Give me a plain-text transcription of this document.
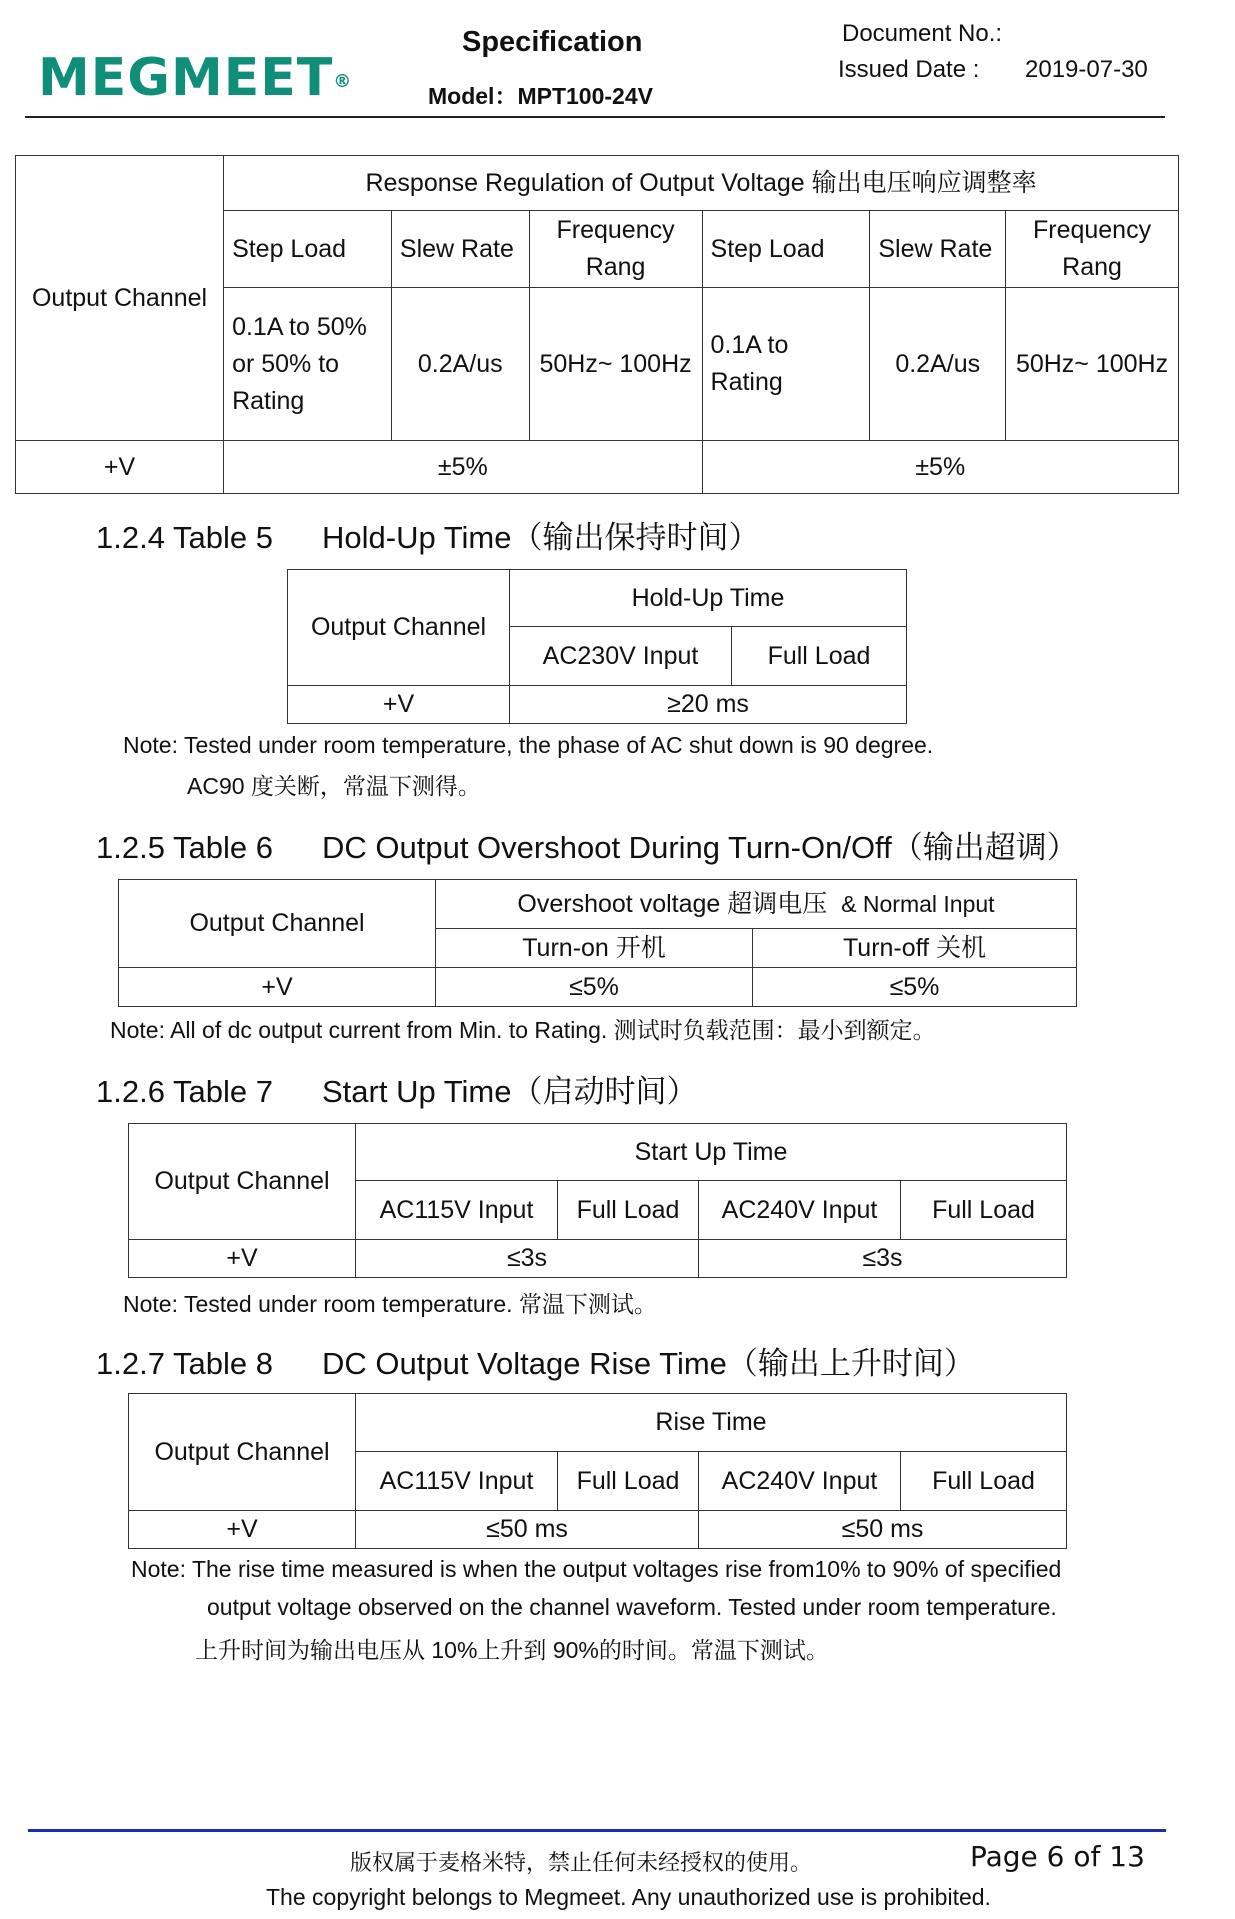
MEGMEET®
Specification
Model：MPT100-24V
Document No.:
Issued Date : 2019-07-30
Output Channel	Response Regulation of Output Voltage 输出电压响应调整率					
	Step Load	Slew Rate	Frequency Rang	Step Load	Slew Rate	Frequency Rang
	0.1A to 50% or 50% to Rating	0.2A/us	50Hz~ 100Hz	0.1A to Rating	0.2A/us	50Hz~ 100Hz
+V	±5%			±5%		
1.2.4 Table 5 Hold-Up Time（输出保持时间）
Output Channel	Hold-Up Time	
	AC230V Input	Full Load
+V	≥20 ms	
Note: Tested under room temperature, the phase of AC shut down is 90 degree.
AC90 度关断，常温下测得。
1.2.5 Table 6 DC Output Overshoot During Turn-On/Off（输出超调）
Output Channel	Overshoot voltage 超调电压 & Normal Input	
	Turn-on 开机	Turn-off 关机
+V	≤5%	≤5%
Note: All of dc output current from Min. to Rating. 测试时负载范围：最小到额定。
1.2.6 Table 7 Start Up Time（启动时间）
Output Channel	Start Up Time			
	AC115V Input	Full Load	AC240V Input	Full Load
+V	≤3s		≤3s	
Note: Tested under room temperature. 常温下测试。
1.2.7 Table 8 DC Output Voltage Rise Time（输出上升时间）
Output Channel	Rise Time			
	AC115V Input	Full Load	AC240V Input	Full Load
+V	≤50 ms		≤50 ms	
Note: The rise time measured is when the output voltages rise from10% to 90% of specified
output voltage observed on the channel waveform. Tested under room temperature.
上升时间为输出电压从 10%上升到 90%的时间。常温下测试。
版权属于麦格米特，禁止任何未经授权的使用。
The copyright belongs to Megmeet. Any unauthorized use is prohibited.
Page 6 of 13
